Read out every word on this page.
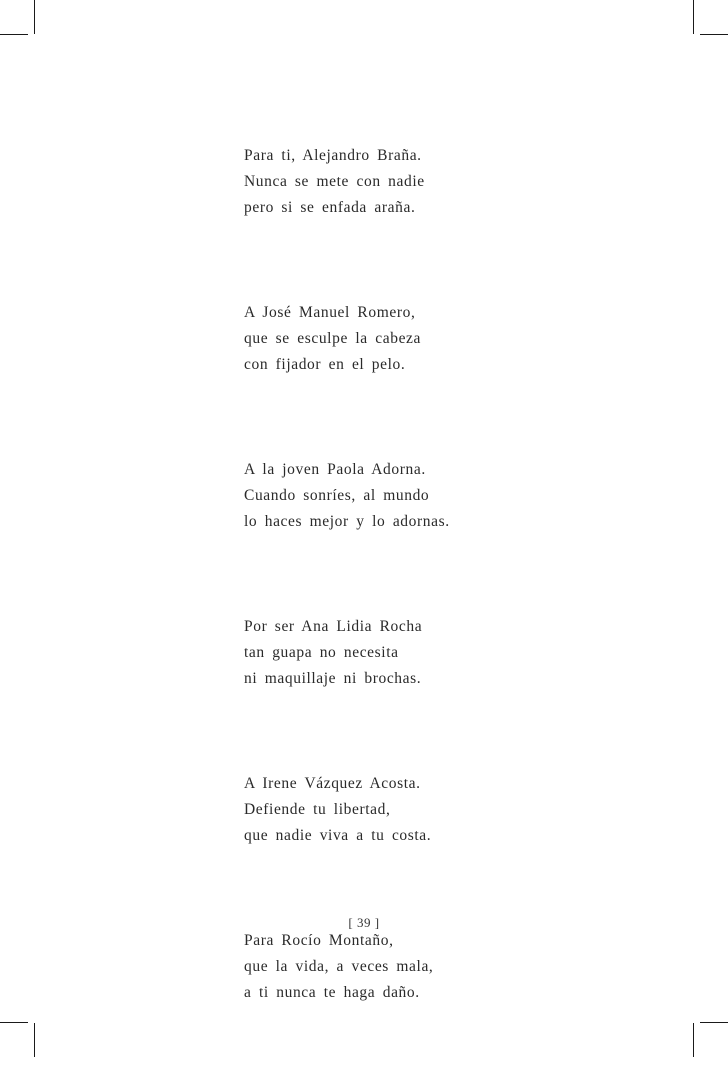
Para ti, Alejandro Braña.
Nunca se mete con nadie
pero si se enfada araña.
A José Manuel Romero,
que se esculpe la cabeza
con fijador en el pelo.
A la joven Paola Adorna.
Cuando sonríes, al mundo
lo haces mejor y lo adornas.
Por ser Ana Lidia Rocha
tan guapa no necesita
ni maquillaje ni brochas.
A Irene Vázquez Acosta.
Defiende tu libertad,
que nadie viva a tu costa.
Para Rocío Montaño,
que la vida, a veces mala,
a ti nunca te haga daño.
[ 39 ]
